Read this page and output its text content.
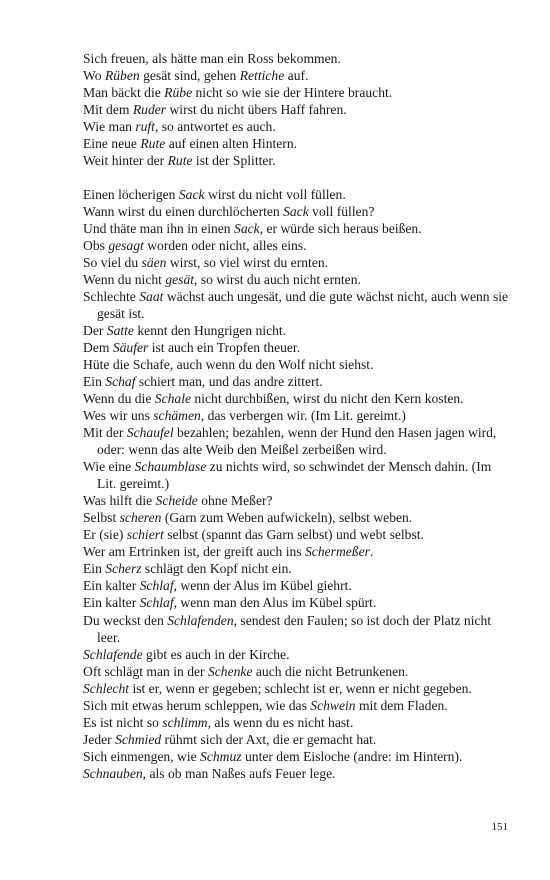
Sich freuen, als hätte man ein Ross bekommen.
Wo Rüben gesät sind, gehen Rettiche auf.
Man bäckt die Rübe nicht so wie sie der Hintere braucht.
Mit dem Ruder wirst du nicht übers Haff fahren.
Wie man ruft, so antwortet es auch.
Eine neue Rute auf einen alten Hintern.
Weit hinter der Rute ist der Splitter.
Einen löcherigen Sack wirst du nicht voll füllen.
Wann wirst du einen durchlöcherten Sack voll füllen?
Und thäte man ihn in einen Sack, er würde sich heraus beißen.
Obs gesagt worden oder nicht, alles eins.
So viel du säen wirst, so viel wirst du ernten.
Wenn du nicht gesät, so wirst du auch nicht ernten.
Schlechte Saat wächst auch ungesät, und die gute wächst nicht, auch wenn sie gesät ist.
Der Satte kennt den Hungrigen nicht.
Dem Säufer ist auch ein Tropfen theuer.
Hüte die Schafe, auch wenn du den Wolf nicht siehst.
Ein Schaf schiert man, und das andre zittert.
Wenn du die Schale nicht durchbißen, wirst du nicht den Kern kosten.
Wes wir uns schämen, das verbergen wir. (Im Lit. gereimt.)
Mit der Schaufel bezahlen; bezahlen, wenn der Hund den Hasen jagen wird, oder: wenn das alte Weib den Meißel zerbeißen wird.
Wie eine Schaumblase zu nichts wird, so schwindet der Mensch dahin. (Im Lit. gereimt.)
Was hilft die Scheide ohne Meßer?
Selbst scheren (Garn zum Weben aufwickeln), selbst weben.
Er (sie) schiert selbst (spannt das Garn selbst) und webt selbst.
Wer am Ertrinken ist, der greift auch ins Schermeßer.
Ein Scherz schlägt den Kopf nicht ein.
Ein kalter Schlaf, wenn der Alus im Kübel giehrt.
Ein kalter Schlaf, wenn man den Alus im Kübel spürt.
Du weckst den Schlafenden, sendest den Faulen; so ist doch der Platz nicht leer.
Schlafende gibt es auch in der Kirche.
Oft schlägt man in der Schenke auch die nicht Betrunkenen.
Schlecht ist er, wenn er gegeben; schlecht ist er, wenn er nicht gegeben.
Sich mit etwas herum schleppen, wie das Schwein mit dem Fladen.
Es ist nicht so schlimm, als wenn du es nicht hast.
Jeder Schmied rühmt sich der Axt, die er gemacht hat.
Sich einmengen, wie Schmuz unter dem Eisloche (andre: im Hintern).
Schnauben, als ob man Naßes aufs Feuer lege.
151
